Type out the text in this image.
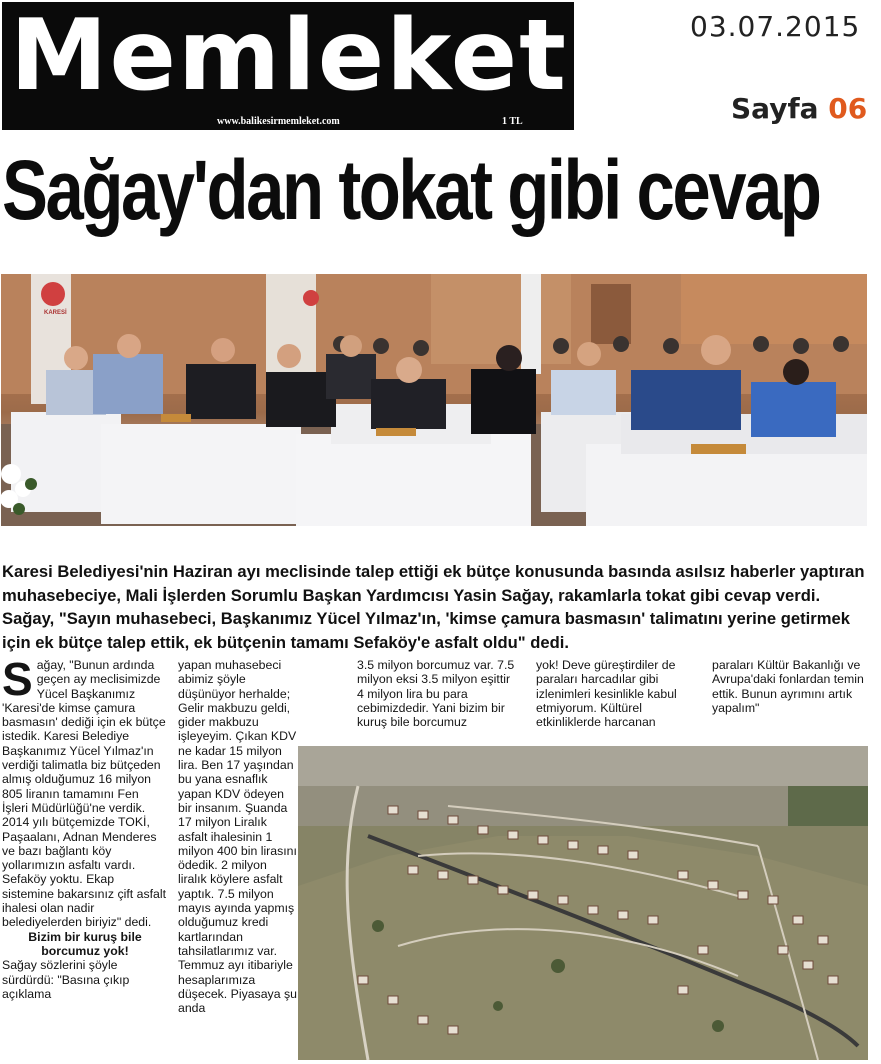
Memleket
www.balikesirmemleket.com	1 TL
03.07.2015
Sayfa 06
Sağay'dan tokat gibi cevap
KARESİ
Karesi Belediyesi'nin Haziran ayı meclisinde talep ettiği ek bütçe konusunda basında asılsız haberler yaptıran muhasebeciye, Mali İşlerden Sorumlu Başkan Yardımcısı Yasin Sağay, rakamlarla tokat gibi cevap verdi. Sağay, "Sayın muhasebeci, Başkanımız Yücel Yılmaz'ın, 'kimse çamura basmasın' talimatını yerine getirmek için ek bütçe talep ettik, ek bütçenin tamamı Sefaköy'e asfalt oldu" dedi.

Sağay, "Bunun ardında geçen ay meclisimizde Yücel Başkanımız 'Karesi'de kimse çamura basmasın' dediği için ek bütçe istedik. Karesi Belediye Başkanımız Yücel Yılmaz'ın verdiği talimatla biz bütçeden almış olduğumuz 16 milyon 805 liranın tamamını Fen İşleri Müdürlüğü'ne verdik. 2014 yılı bütçemizde TOKİ, Paşaalanı, Adnan Menderes ve bazı bağlantı köy yollarımızın asfaltı vardı. Sefaköy yoktu. Ekap sistemine bakarsınız çift asfalt ihalesi olan nadir belediyelerden biriyiz" dedi.

Bizim bir kuruş bile borcumuz yok!

Sağay sözlerini şöyle sürdürdü: "Basına çıkıp açıklama

yapan muhasebeci abimiz şöyle düşünüyor herhalde; Gelir makbuzu geldi, gider makbuzu işleyeyim. Çıkan KDV ne kadar 15 milyon lira. Ben 17 yaşından bu yana esnaflık yapan KDV ödeyen bir insanım. Şuanda 17 milyon Liralık asfalt ihalesinin 1 milyon 400 bin lirasını ödedik. 2 milyon liralık köylere asfalt yaptık. 7.5 milyon mayıs ayında yapmış olduğumuz kredi kartlarından tahsilatlarımız var. Temmuz ayı itibariyle hesaplarımıza düşecek. Piyasaya şu anda
3.5 milyon borcumuz var. 7.5 milyon eksi 3.5 milyon eşittir 4 milyon lira bu para cebimizdedir. Yani bizim bir kuruş bile borcumuz
yok! Deve güreştirdiler de paraları harcadılar gibi izlenimleri kesinlikle kabul etmiyorum. Kültürel etkinliklerde harcanan
paraları Kültür Bakanlığı ve Avrupa'daki fonlardan temin ettik. Bunun ayrımını artık yapalım"
